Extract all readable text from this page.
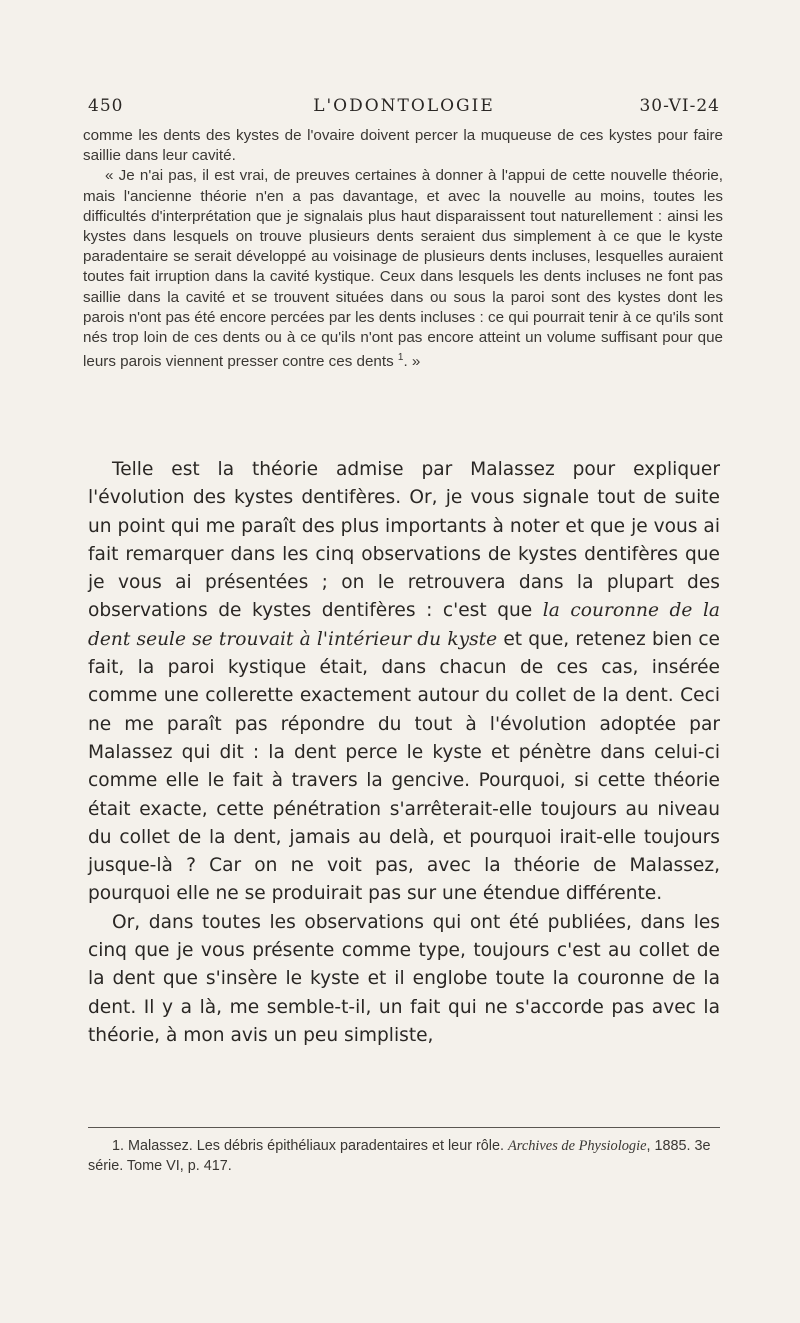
450	L'ODONTOLOGIE	30-VI-24

comme les dents des kystes de l'ovaire doivent percer la muqueuse de ces kystes pour faire saillie dans leur cavité.

« Je n'ai pas, il est vrai, de preuves certaines à donner à l'appui de cette nouvelle théorie, mais l'ancienne théorie n'en a pas davantage, et avec la nouvelle au moins, toutes les difficultés d'interprétation que je signalais plus haut disparaissent tout naturellement : ainsi les kystes dans lesquels on trouve plusieurs dents seraient dus simplement à ce que le kyste paradentaire se serait développé au voisinage de plusieurs dents incluses, lesquelles auraient toutes fait irruption dans la cavité kystique. Ceux dans lesquels les dents incluses ne font pas saillie dans la cavité et se trouvent situées dans ou sous la paroi sont des kystes dont les parois n'ont pas été encore percées par les dents incluses : ce qui pourrait tenir à ce qu'ils sont nés trop loin de ces dents ou à ce qu'ils n'ont pas encore atteint un volume suffisant pour que leurs parois viennent presser contre ces dents $^1$. »

Telle est la théorie admise par Malassez pour expliquer l'évolution des kystes dentifères. Or, je vous signale tout de suite un point qui me paraît des plus importants à noter et que je vous ai fait remarquer dans les cinq observations de kystes dentifères que je vous ai présentées ; on le retrouvera dans la plupart des observations de kystes dentifères : c'est que la couronne de la dent seule se trouvait à l'intérieur du kyste et que, retenez bien ce fait, la paroi kystique était, dans chacun de ces cas, insérée comme une collerette exactement autour du collet de la dent. Ceci ne me paraît pas répondre du tout à l'évolution adoptée par Malassez qui dit : la dent perce le kyste et pénètre dans celui-ci comme elle le fait à travers la gencive. Pourquoi, si cette théorie était exacte, cette pénétration s'arrêterait-elle toujours au niveau du collet de la dent, jamais au delà, et pourquoi irait-elle toujours jusque-là ? Car on ne voit pas, avec la théorie de Malassez, pourquoi elle ne se produirait pas sur une étendue différente.

Or, dans toutes les observations qui ont été publiées, dans les cinq que je vous présente comme type, toujours c'est au collet de la dent que s'insère le kyste et il englobe toute la couronne de la dent. Il y a là, me semble-t-il, un fait qui ne s'accorde pas avec la théorie, à mon avis un peu simpliste,

1. Malassez. Les débris épithéliaux paradentaires et leur rôle. Archives de Physiologie, 1885. 3e série. Tome VI, p. 417.
